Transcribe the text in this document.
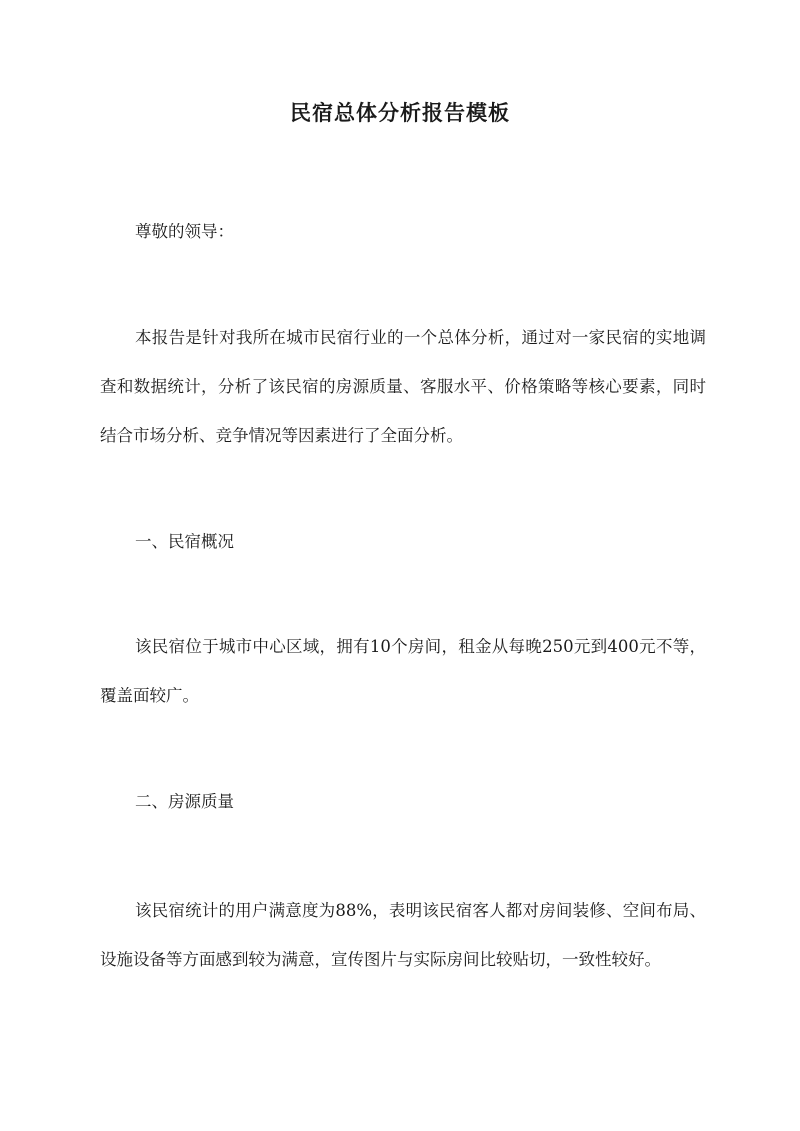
民宿总体分析报告模板

尊敬的领导：

本报告是针对我所在城市民宿行业的一个总体分析，通过对一家民宿的实地调查和数据统计，分析了该民宿的房源质量、客服水平、价格策略等核心要素，同时结合市场分析、竞争情况等因素进行了全面分析。

一、民宿概况

该民宿位于城市中心区域，拥有10个房间，租金从每晚250元到400元不等，覆盖面较广。

二、房源质量

该民宿统计的用户满意度为88%，表明该民宿客人都对房间装修、空间布局、设施设备等方面感到较为满意，宣传图片与实际房间比较贴切，一致性较好。
